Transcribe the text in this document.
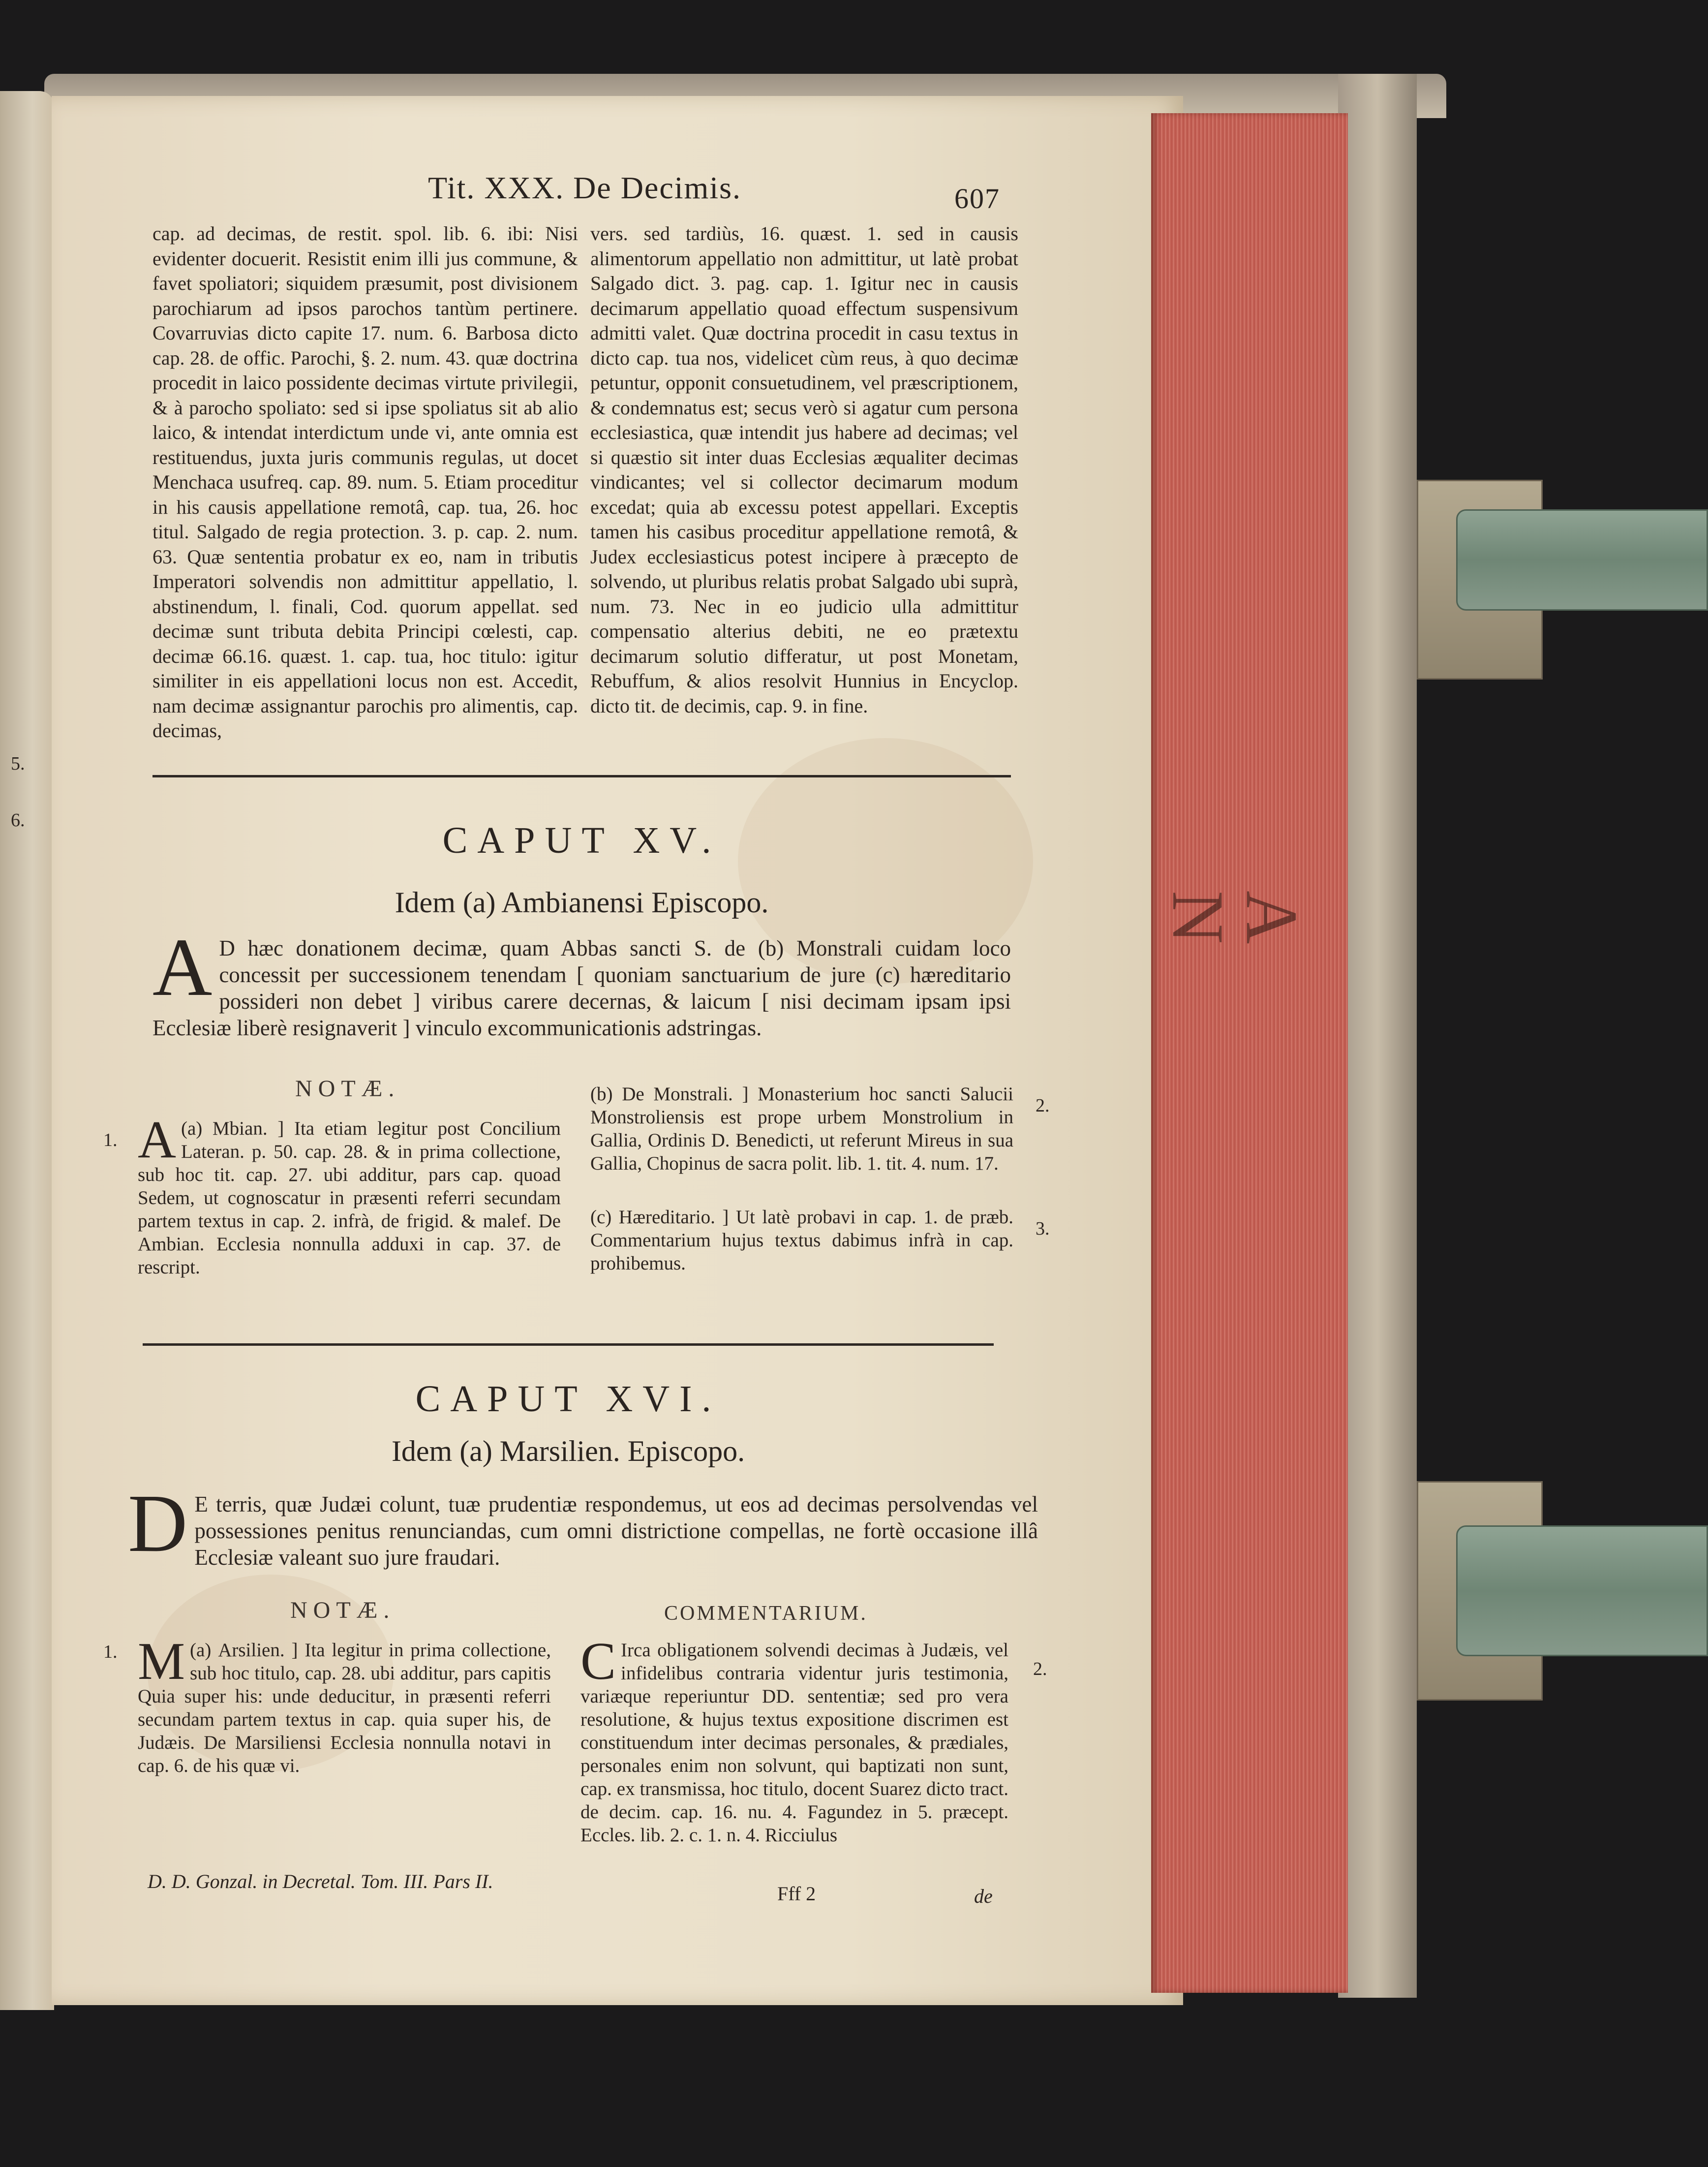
A N
5.
6.
Tit. XXX. De Decimis.	607
cap. ad decimas, de restit. spol. lib. 6. ibi: Nisi evidenter docuerit. Resistit enim illi jus commune, & favet spoliatori; siquidem præsumit, post divisionem parochiarum ad ipsos parochos tantùm pertinere. Covarruvias dicto capite 17. num. 6. Barbosa dicto cap. 28. de offic. Parochi, §. 2. num. 43. quæ doctrina procedit in laico possidente decimas virtute privilegii, & à parocho spoliato: sed si ipse spoliatus sit ab alio laico, & intendat interdictum unde vi, ante omnia est restituendus, juxta juris communis regulas, ut docet Menchaca usufreq. cap. 89. num. 5. Etiam proceditur in his causis appellatione remotâ, cap. tua, 26. hoc titul. Salgado de regia protection. 3. p. cap. 2. num. 63. Quæ sententia probatur ex eo, nam in tributis Imperatori solvendis non admittitur appellatio, l. abstinendum, l. finali, Cod. quorum appellat. sed decimæ sunt tributa debita Principi cœlesti, cap. decimæ 66.16. quæst. 1. cap. tua, hoc titulo: igitur similiter in eis appellationi locus non est. Accedit, nam decimæ assignantur parochis pro alimentis, cap. decimas,
vers. sed tardiùs, 16. quæst. 1. sed in causis alimentorum appellatio non admittitur, ut latè probat Salgado dict. 3. pag. cap. 1. Igitur nec in causis decimarum appellatio quoad effectum suspensivum admitti valet. Quæ doctrina procedit in casu textus in dicto cap. tua nos, videlicet cùm reus, à quo decimæ petuntur, opponit consuetudinem, vel præscriptionem, & condemnatus est; secus verò si agatur cum persona ecclesiastica, quæ intendit jus habere ad decimas; vel si quæstio sit inter duas Ecclesias æqualiter decimas vindicantes; vel si collector decimarum modum excedat; quia ab excessu potest appellari. Exceptis tamen his casibus proceditur appellatione remotâ, & Judex ecclesiasticus potest incipere à præcepto de solvendo, ut pluribus relatis probat Salgado ubi suprà, num. 73. Nec in eo judicio ulla admittitur compensatio alterius debiti, ne eo prætextu decimarum solutio differatur, ut post Monetam, Rebuffum, & alios resolvit Hunnius in Encyclop. dicto tit. de decimis, cap. 9. in fine.
CAPUT XV.
Idem (a) Ambianensi Episcopo.
A D hæc donationem decimæ, quam Abbas sancti S. de (b) Monstrali cuidam loco concessit per successionem tenendam [ quoniam sanctuarium de jure (c) hæreditario possideri non debet ] viribus carere decernas, & laicum [ nisi decimam ipsam ipsi Ecclesiæ liberè resignaverit ] vinculo excommunicationis adstringas.
NOTÆ.
1.
(a)
A Mbian. ] Ita etiam legitur post Concilium Lateran. p. 50. cap. 28. & in prima collectione, sub hoc tit. cap. 27. ubi additur, pars cap. quoad Sedem, ut cognoscatur in præsenti referri secundam partem textus in cap. 2. infrà, de frigid. & malef. De Ambian. Ecclesia nonnulla adduxi in cap. 37. de rescript.
(b) De Monstrali. ] Monasterium hoc sancti Salucii Monstroliensis est prope urbem Monstrolium in Gallia, Ordinis D. Benedicti, ut referunt Mireus in sua Gallia, Chopinus de sacra polit. lib. 1. tit. 4. num. 17.
2.
(c) Hæreditario. ] Ut latè probavi in cap. 1. de præb. Commentarium hujus textus dabimus infrà in cap. prohibemus.
3.
CAPUT XVI.
Idem (a) Marsilien. Episcopo.
D E terris, quæ Judæi colunt, tuæ prudentiæ respondemus, ut eos ad decimas persolvendas vel possessiones penitus renunciandas, cum omni districtione compellas, ne fortè occasione illâ Ecclesiæ valeant suo jure fraudari.
NOTÆ.	COMMENTARIUM.
1.	(a)
M Arsilien. ] Ita legitur in prima collectione, sub hoc titulo, cap. 28. ubi additur, pars capitis Quia super his: unde deducitur, in præsenti referri secundam partem textus in cap. quia super his, de Judæis. De Marsiliensi Ecclesia nonnulla notavi in cap. 6. de his quæ vi.
C Irca obligationem solvendi decimas à Judæis, vel infidelibus contraria videntur juris testimonia, variæque reperiuntur DD. sententiæ; sed pro vera resolutione, & hujus textus expositione discrimen est constituendum inter decimas personales, & prædiales, personales enim non solvunt, qui baptizati non sunt, cap. ex transmissa, hoc titulo, docent Suarez dicto tract. de decim. cap. 16. nu. 4. Fagundez in 5. præcept. Eccles. lib. 2. c. 1. n. 4. Ricciulus
2.
D. D. Gonzal. in Decretal. Tom. III. Pars II.
Fff 2	de
